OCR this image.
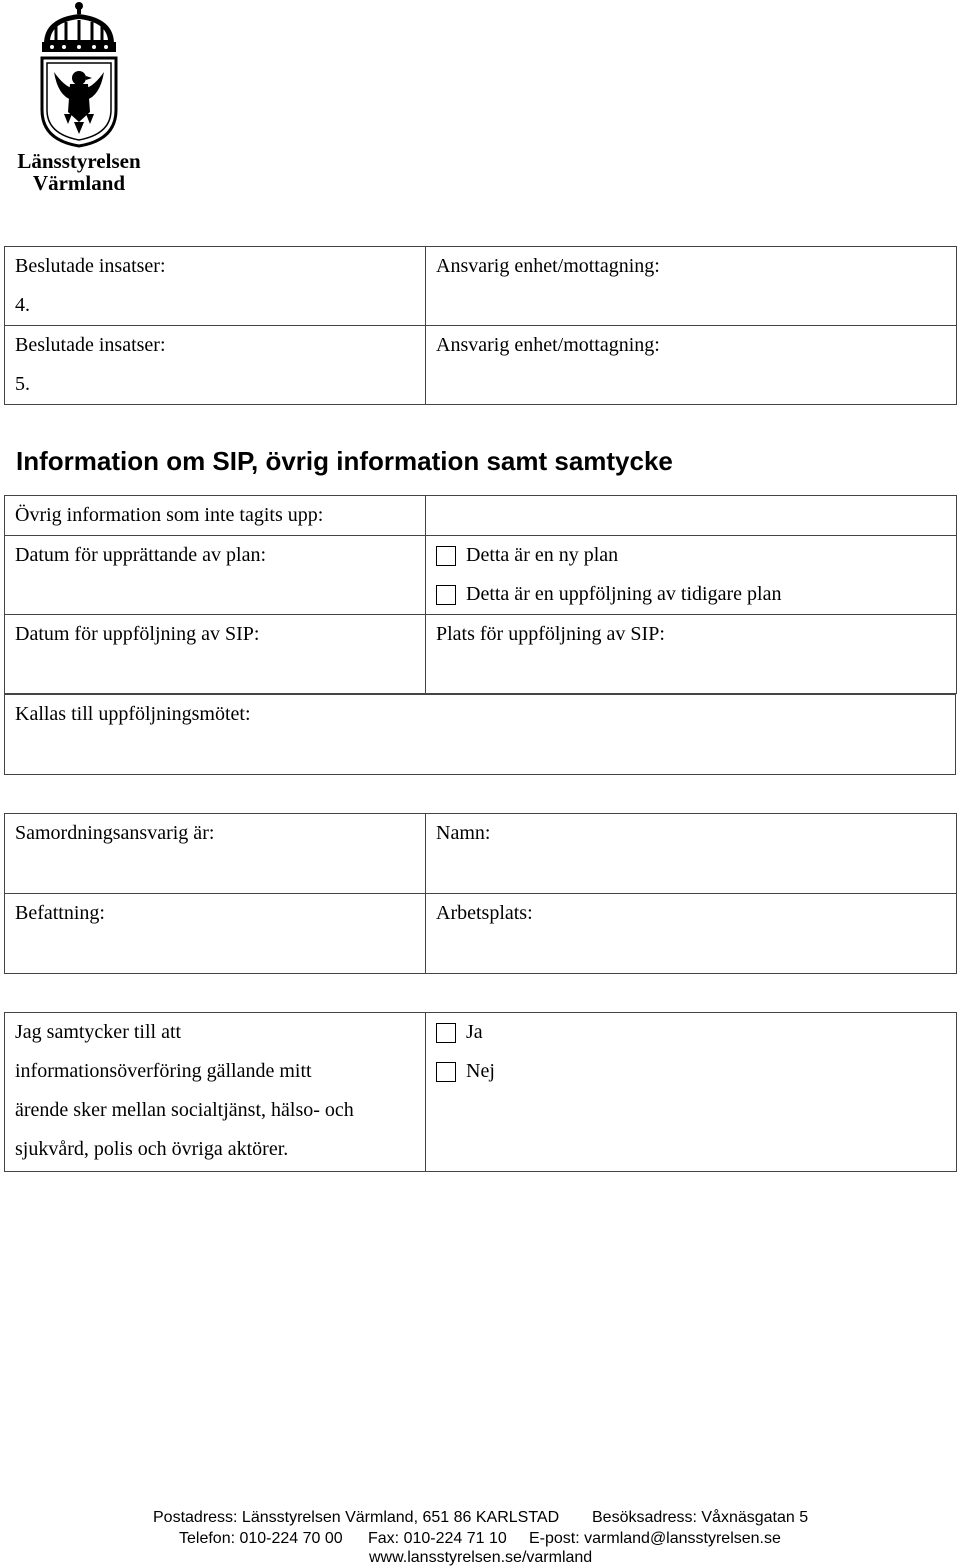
Länsstyrelsen
Värmland
Beslutade insatser:
4.	Ansvarig enhet/mottagning:

Beslutade insatser:
5.	Ansvarig enhet/mottagning:
Information om SIP, övrig information samt samtycke
Övrig information som inte tagits upp:	

Datum för upprättande av plan:	Detta är en ny plan
Detta är en uppföljning av tidigare plan

Datum för uppföljning av SIP:	Plats för uppföljning av SIP:
Kallas till uppföljningsmötet:
Samordningsansvarig är:	Namn:

Befattning:	Arbetsplats:
Jag samtycker till att
informationsöverföring gällande mitt
ärende sker mellan socialtjänst, hälso- och
sjukvård, polis och övriga aktörer.

Ja
Nej
Postadress: Länsstyrelsen Värmland, 651 86 KARLSTAD Besöksadress: Våxnäsgatan 5
Telefon: 010-224 70 00 Fax: 010-224 71 10 E-post: varmland@lansstyrelsen.se
www.lansstyrelsen.se/varmland
